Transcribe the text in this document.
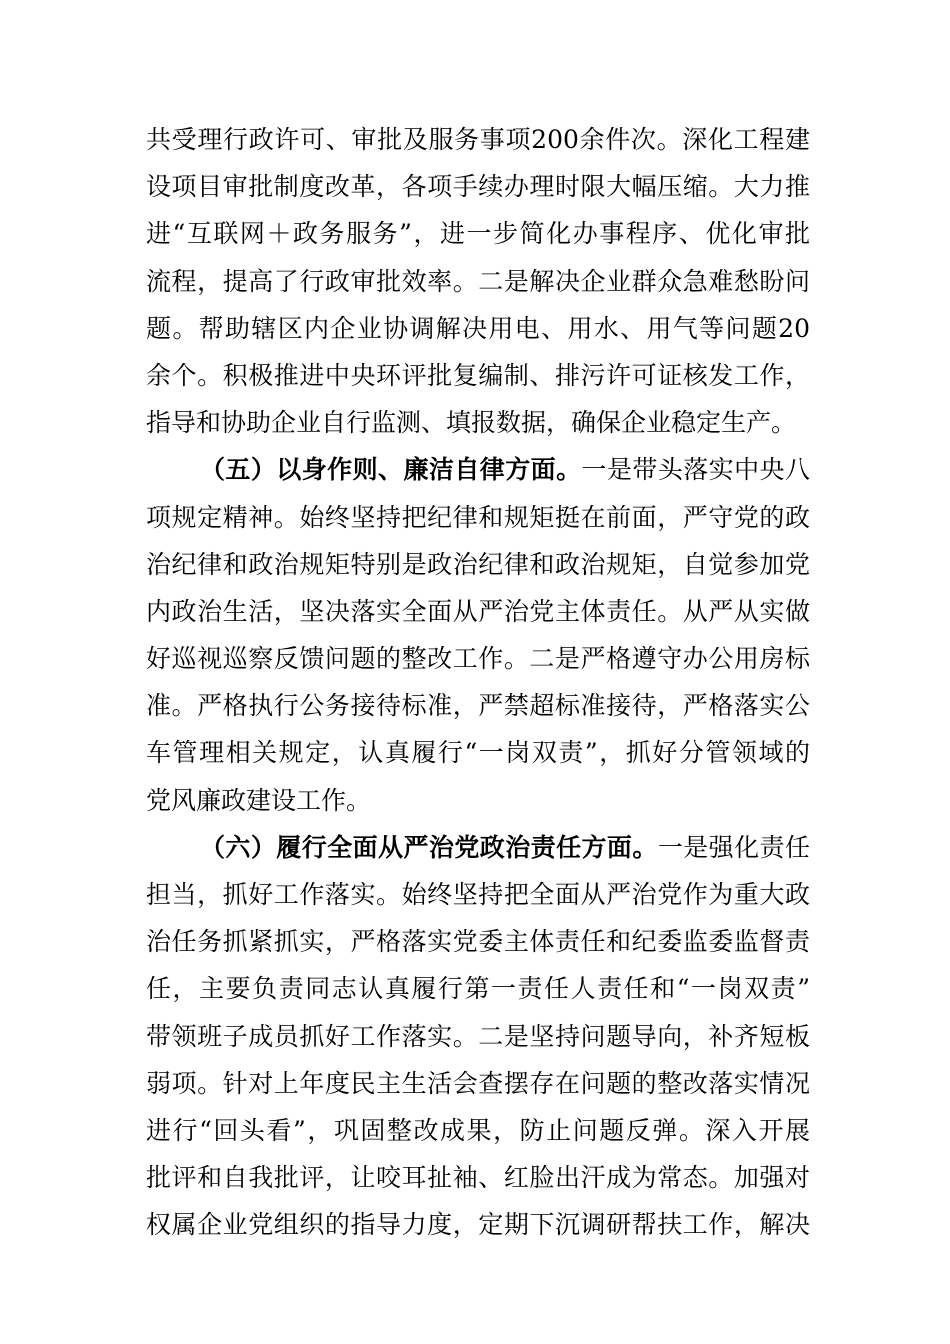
共受理行政许可、审批及服务事项200余件次。深化工程建
设项目审批制度改革，各项手续办理时限大幅压缩。大力推
进“互联网＋政务服务”，进一步简化办事程序、优化审批
流程，提高了行政审批效率。二是解决企业群众急难愁盼问
题。帮助辖区内企业协调解决用电、用水、用气等问题20
余个。积极推进中央环评批复编制、排污许可证核发工作，
指导和协助企业自行监测、填报数据，确保企业稳定生产。
（五）以身作则、廉洁自律方面。一是带头落实中央八
项规定精神。始终坚持把纪律和规矩挺在前面，严守党的政
治纪律和政治规矩特别是政治纪律和政治规矩，自觉参加党
内政治生活，坚决落实全面从严治党主体责任。从严从实做
好巡视巡察反馈问题的整改工作。二是严格遵守办公用房标
准。严格执行公务接待标准，严禁超标准接待，严格落实公
车管理相关规定，认真履行“一岗双责”，抓好分管领域的
党风廉政建设工作。
（六）履行全面从严治党政治责任方面。一是强化责任
担当，抓好工作落实。始终坚持把全面从严治党作为重大政
治任务抓紧抓实，严格落实党委主体责任和纪委监委监督责
任，主要负责同志认真履行第一责任人责任和“一岗双责”
带领班子成员抓好工作落实。二是坚持问题导向，补齐短板
弱项。针对上年度民主生活会查摆存在问题的整改落实情况
进行“回头看”，巩固整改成果，防止问题反弹。深入开展
批评和自我批评，让咬耳扯袖、红脸出汗成为常态。加强对
权属企业党组织的指导力度，定期下沉调研帮扶工作，解决
